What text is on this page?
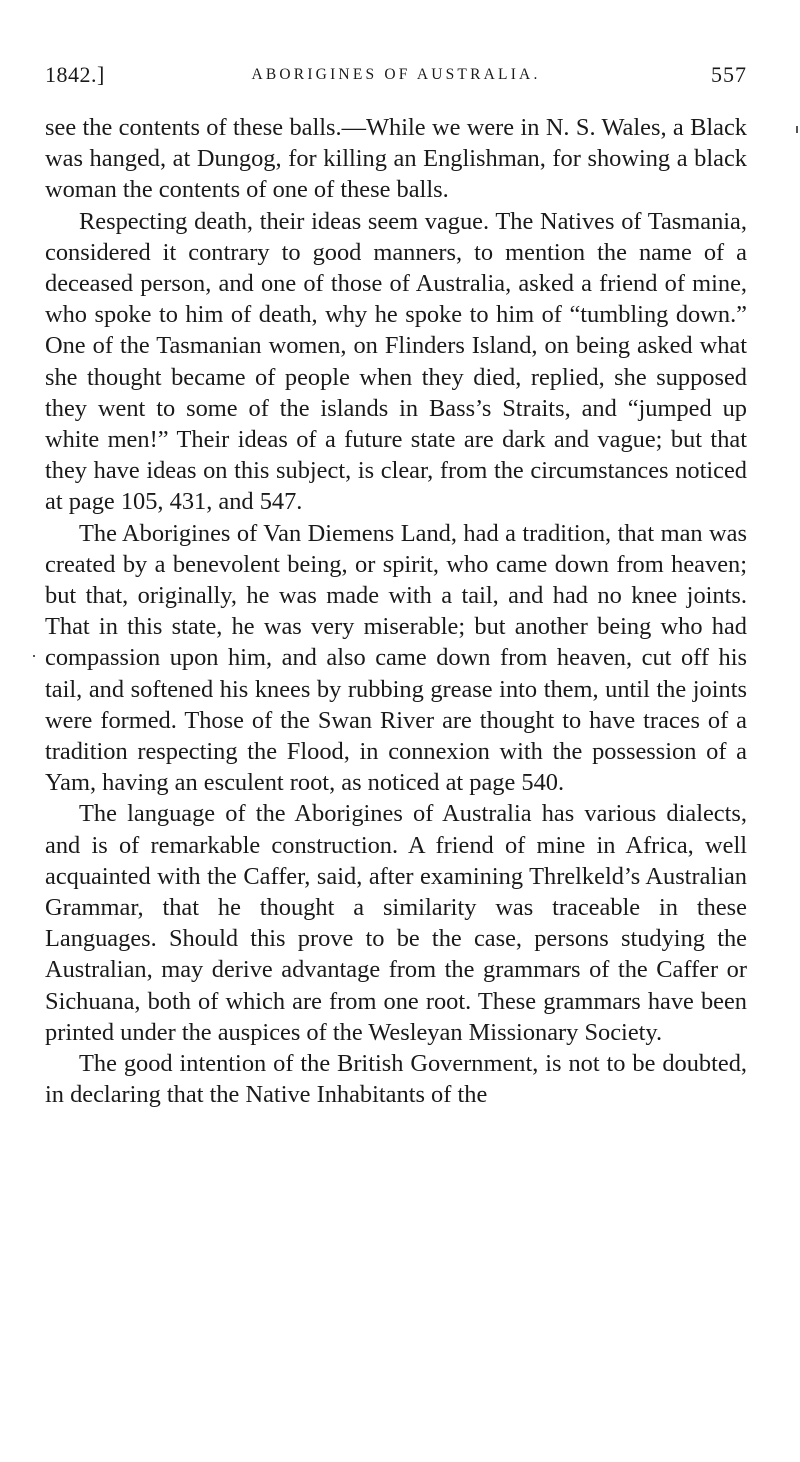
1842.]	ABORIGINES OF AUSTRALIA.	557

see the contents of these balls.—While we were in N. S. Wales, a Black was hanged, at Dungog, for killing an Englishman, for showing a black woman the contents of one of these balls.

Respecting death, their ideas seem vague. The Natives of Tasmania, considered it contrary to good manners, to mention the name of a deceased person, and one of those of Australia, asked a friend of mine, who spoke to him of death, why he spoke to him of “tumbling down.” One of the Tasmanian women, on Flinders Island, on being asked what she thought became of people when they died, replied, she supposed they went to some of the islands in Bass’s Straits, and “jumped up white men!” Their ideas of a future state are dark and vague; but that they have ideas on this subject, is clear, from the circumstances noticed at page 105, 431, and 547.

The Aborigines of Van Diemens Land, had a tradition, that man was created by a benevolent being, or spirit, who came down from heaven; but that, originally, he was made with a tail, and had no knee joints. That in this state, he was very miserable; but another being who had compassion upon him, and also came down from heaven, cut off his tail, and softened his knees by rubbing grease into them, until the joints were formed. Those of the Swan River are thought to have traces of a tradition respecting the Flood, in connexion with the possession of a Yam, having an esculent root, as noticed at page 540.

The language of the Aborigines of Australia has various dialects, and is of remarkable construction. A friend of mine in Africa, well acquainted with the Caffer, said, after examining Threlkeld’s Australian Grammar, that he thought a similarity was traceable in these Languages. Should this prove to be the case, persons studying the Australian, may derive advantage from the grammars of the Caffer or Sichuana, both of which are from one root. These grammars have been printed under the auspices of the Wesleyan Missionary Society.

The good intention of the British Government, is not to be doubted, in declaring that the Native Inhabitants of the
